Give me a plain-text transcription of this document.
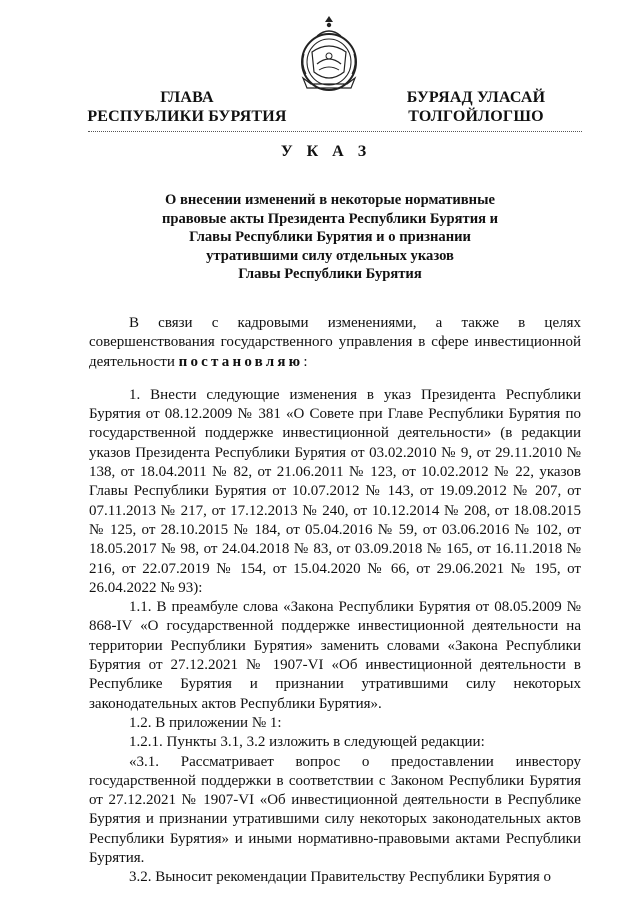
ГЛАВА
РЕСПУБЛИКИ БУРЯТИЯ
БУРЯАД УЛАСАЙ
ТОЛГОЙЛОГШО
У К А З
О внесении изменений в некоторые нормативные
правовые акты Президента Республики Бурятия и
Главы Республики Бурятия и о признании
утратившими силу отдельных указов
Главы Республики Бурятия

В связи с кадровыми изменениями, а также в целях совершенствования государственного управления в сфере инвестиционной деятельности постановляю:

1. Внести следующие изменения в указ Президента Республики Бурятия от 08.12.2009 № 381 «О Совете при Главе Республики Бурятия по государственной поддержке инвестиционной деятельности» (в редакции указов Президента Республики Бурятия от 03.02.2010 № 9, от 29.11.2010 № 138, от 18.04.2011 № 82, от 21.06.2011 № 123, от 10.02.2012 № 22, указов Главы Республики Бурятия от 10.07.2012 № 143, от 19.09.2012 № 207, от 07.11.2013 № 217, от 17.12.2013 № 240, от 10.12.2014 № 208, от 18.08.2015 № 125, от 28.10.2015 № 184, от 05.04.2016 № 59, от 03.06.2016 № 102, от 18.05.2017 № 98, от 24.04.2018 № 83, от 03.09.2018 № 165, от 16.11.2018 № 216, от 22.07.2019 № 154, от 15.04.2020 № 66, от 29.06.2021 № 195, от 26.04.2022 № 93):

1.1. В преамбуле слова «Закона Республики Бурятия от 08.05.2009 № 868-IV «О государственной поддержке инвестиционной деятельности на территории Республики Бурятия» заменить словами «Закона Республики Бурятия от 27.12.2021 № 1907-VI «Об инвестиционной деятельности в Республике Бурятия и признании утратившими силу некоторых законодательных актов Республики Бурятия».

1.2. В приложении № 1:

1.2.1. Пункты 3.1, 3.2 изложить в следующей редакции:

«3.1. Рассматривает вопрос о предоставлении инвестору государственной поддержки в соответствии с Законом Республики Бурятия от 27.12.2021 № 1907-VI «Об инвестиционной деятельности в Республике Бурятия и признании утратившими силу некоторых законодательных актов Республики Бурятия» и иными нормативно-правовыми актами Республики Бурятия.

3.2. Выносит рекомендации Правительству Республики Бурятия о
